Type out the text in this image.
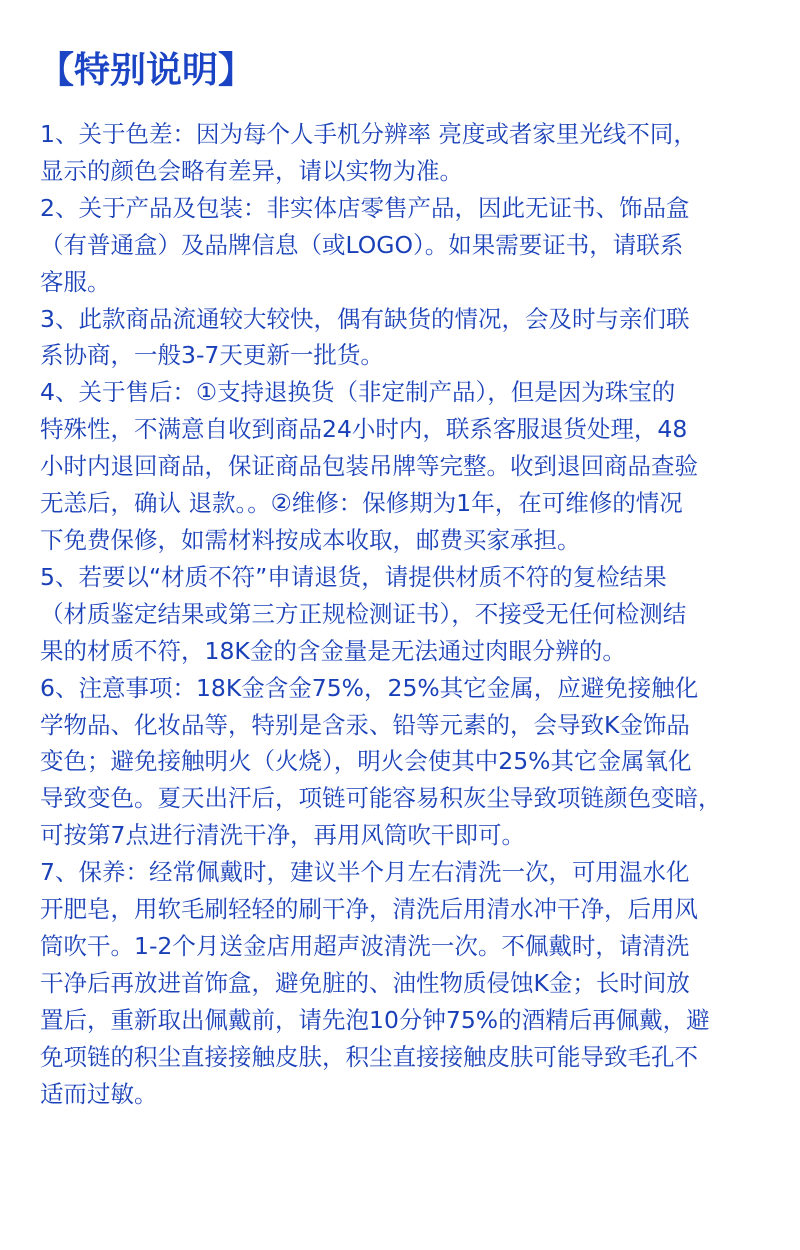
【特别说明】
1、关于色差：因为每个人手机分辨率 亮度或者家里光线不同，
显示的颜色会略有差异，请以实物为准。
2、关于产品及包装：非实体店零售产品，因此无证书、饰品盒
（有普通盒）及品牌信息（或LOGO）。如果需要证书，请联系
客服。
3、此款商品流通较大较快，偶有缺货的情况，会及时与亲们联
系协商，一般3-7天更新一批货。
4、关于售后：①支持退换货（非定制产品），但是因为珠宝的
特殊性，不满意自收到商品24小时内，联系客服退货处理，48
小时内退回商品，保证商品包装吊牌等完整。收到退回商品查验
无恙后，确认 退款。。②维修：保修期为1年，在可维修的情况
下免费保修，如需材料按成本收取，邮费买家承担。
5、若要以“材质不符”申请退货，请提供材质不符的复检结果
（材质鉴定结果或第三方正规检测证书），不接受无任何检测结
果的材质不符，18K金的含金量是无法通过肉眼分辨的。
6、注意事项：18K金含金75%，25%其它金属，应避免接触化
学物品、化妆品等，特别是含汞、铅等元素的，会导致K金饰品
变色；避免接触明火（火烧），明火会使其中25%其它金属氧化
导致变色。夏天出汗后，项链可能容易积灰尘导致项链颜色变暗，
可按第7点进行清洗干净，再用风筒吹干即可。
7、保养：经常佩戴时，建议半个月左右清洗一次，可用温水化
开肥皂，用软毛刷轻轻的刷干净，清洗后用清水冲干净，后用风
筒吹干。1-2个月送金店用超声波清洗一次。不佩戴时，请清洗
干净后再放进首饰盒，避免脏的、油性物质侵蚀K金；长时间放
置后，重新取出佩戴前，请先泡10分钟75%的酒精后再佩戴，避
免项链的积尘直接接触皮肤，积尘直接接触皮肤可能导致毛孔不
适而过敏。
